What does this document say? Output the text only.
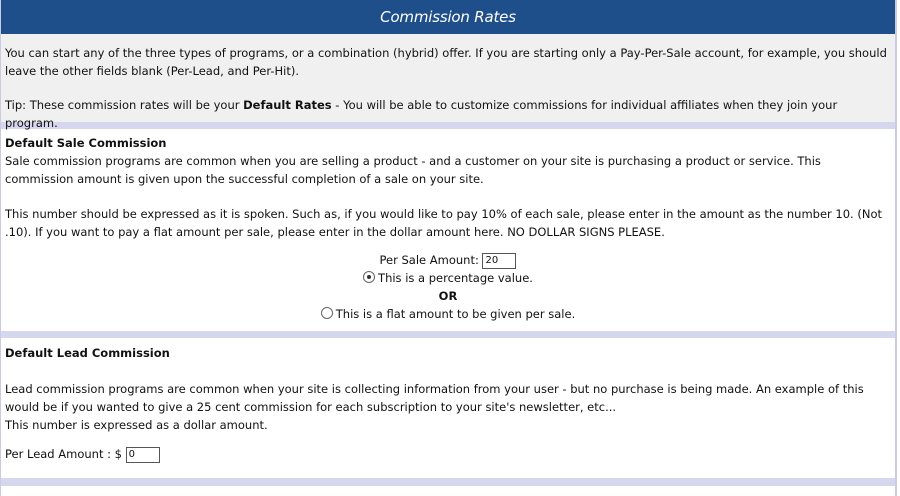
Commission Rates

You can start any of the three types of programs, or a combination (hybrid) offer. If you are starting only a Pay-Per-Sale account, for example, you should leave the other fields blank (Per-Lead, and Per-Hit).

Tip: These commission rates will be your Default Rates - You will be able to customize commissions for individual affiliates when they join your program.

Default Sale Commission

Sale commission programs are common when you are selling a product - and a customer on your site is purchasing a product or service. This commission amount is given upon the successful completion of a sale on your site.

This number should be expressed as it is spoken. Such as, if you would like to pay 10% of each sale, please enter in the amount as the number 10. (Not .10). If you want to pay a flat amount per sale, please enter in the dollar amount here. NO DOLLAR SIGNS PLEASE.

Per Sale Amount: 20
This is a percentage value.
OR
This is a flat amount to be given per sale.

Default Lead Commission

Lead commission programs are common when your site is collecting information from your user - but no purchase is being made. An example of this would be if you wanted to give a 25 cent commission for each subscription to your site's newsletter, etc...

This number is expressed as a dollar amount.

Per Lead Amount : $ 0
